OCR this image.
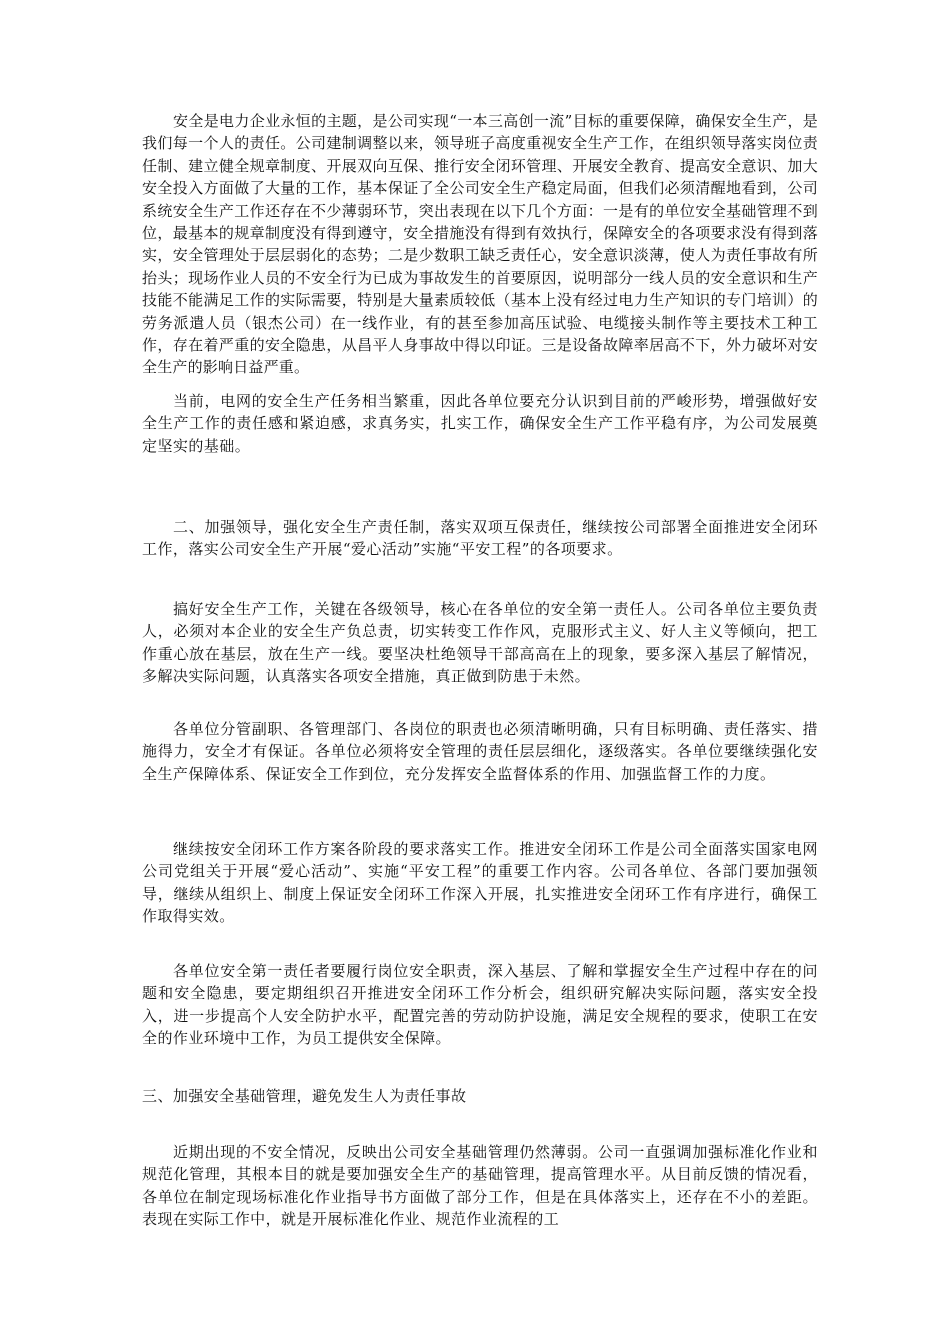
安全是电力企业永恒的主题，是公司实现“一本三高创一流”目标的重要保障，确保安全生产，是我们每一个人的责任。公司建制调整以来，领导班子高度重视安全生产工作，在组织领导落实岗位责任制、建立健全规章制度、开展双向互保、推行安全闭环管理、开展安全教育、提高安全意识、加大安全投入方面做了大量的工作，基本保证了全公司安全生产稳定局面，但我们必须清醒地看到，公司系统安全生产工作还存在不少薄弱环节，突出表现在以下几个方面：一是有的单位安全基础管理不到位，最基本的规章制度没有得到遵守，安全措施没有得到有效执行，保障安全的各项要求没有得到落实，安全管理处于层层弱化的态势；二是少数职工缺乏责任心，安全意识淡薄，使人为责任事故有所抬头；现场作业人员的不安全行为已成为事故发生的首要原因，说明部分一线人员的安全意识和生产技能不能满足工作的实际需要，特别是大量素质较低（基本上没有经过电力生产知识的专门培训）的劳务派遣人员（银杰公司）在一线作业，有的甚至参加高压试验、电缆接头制作等主要技术工种工作，存在着严重的安全隐患，从昌平人身事故中得以印证。三是设备故障率居高不下，外力破坏对安全生产的影响日益严重。

当前，电网的安全生产任务相当繁重，因此各单位要充分认识到目前的严峻形势，增强做好安全生产工作的责任感和紧迫感，求真务实，扎实工作，确保安全生产工作平稳有序，为公司发展奠定坚实的基础。

二、加强领导，强化安全生产责任制，落实双项互保责任，继续按公司部署全面推进安全闭环工作，落实公司安全生产开展“爱心活动”实施“平安工程”的各项要求。

搞好安全生产工作，关键在各级领导，核心在各单位的安全第一责任人。公司各单位主要负责人，必须对本企业的安全生产负总责，切实转变工作作风，克服形式主义、好人主义等倾向，把工作重心放在基层，放在生产一线。要坚决杜绝领导干部高高在上的现象，要多深入基层了解情况，多解决实际问题，认真落实各项安全措施，真正做到防患于未然。

各单位分管副职、各管理部门、各岗位的职责也必须清晰明确，只有目标明确、责任落实、措施得力，安全才有保证。各单位必须将安全管理的责任层层细化，逐级落实。各单位要继续强化安全生产保障体系、保证安全工作到位，充分发挥安全监督体系的作用、加强监督工作的力度。

继续按安全闭环工作方案各阶段的要求落实工作。推进安全闭环工作是公司全面落实国家电网公司党组关于开展“爱心活动”、实施“平安工程”的重要工作内容。公司各单位、各部门要加强领导，继续从组织上、制度上保证安全闭环工作深入开展，扎实推进安全闭环工作有序进行，确保工作取得实效。

各单位安全第一责任者要履行岗位安全职责，深入基层、了解和掌握安全生产过程中存在的问题和安全隐患，要定期组织召开推进安全闭环工作分析会，组织研究解决实际问题，落实安全投入，进一步提高个人安全防护水平，配置完善的劳动防护设施，满足安全规程的要求，使职工在安全的作业环境中工作，为员工提供安全保障。

三、加强安全基础管理，避免发生人为责任事故

近期出现的不安全情况，反映出公司安全基础管理仍然薄弱。公司一直强调加强标准化作业和规范化管理，其根本目的就是要加强安全生产的基础管理，提高管理水平。从目前反馈的情况看，各单位在制定现场标准化作业指导书方面做了部分工作，但是在具体落实上，还存在不小的差距。表现在实际工作中，就是开展标准化作业、规范作业流程的工
